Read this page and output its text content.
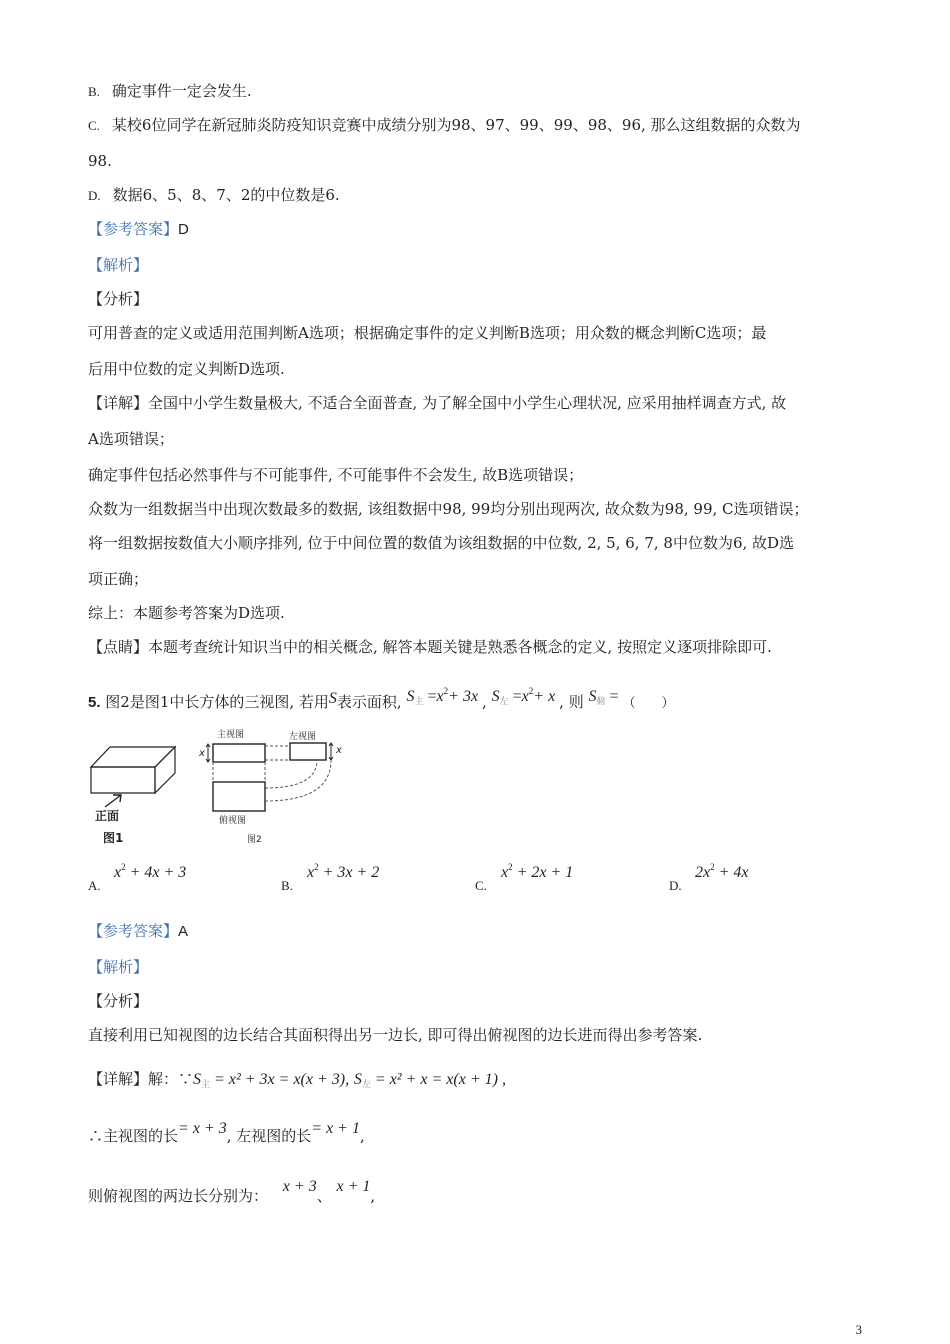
B. 确定事件一定会发生.
C. 某校6位同学在新冠肺炎防疫知识竞赛中成绩分别为98、97、99、99、98、96, 那么这组数据的众数为
98.
D. 数据6、5、8、7、2的中位数是6.
【参考答案】D
【解析】
【分析】
可用普查的定义或适用范围判断A选项；根据确定事件的定义判断B选项；用众数的概念判断C选项；最
后用中位数的定义判断D选项.
【详解】全国中小学生数量极大, 不适合全面普查, 为了解全国中小学生心理状况, 应采用抽样调查方式, 故
A选项错误；
确定事件包括必然事件与不可能事件, 不可能事件不会发生, 故B选项错误；
众数为一组数据当中出现次数最多的数据, 该组数据中98, 99均分别出现两次, 故众数为98, 99, C选项错误；
将一组数据按数值大小顺序排列, 位于中间位置的数值为该组数据的中位数, 2, 5, 6, 7, 8中位数为6, 故D选
项正确；
综上：本题参考答案为D选项.
【点睛】本题考查统计知识当中的相关概念, 解答本题关键是熟悉各概念的定义, 按照定义逐项排除即可.
5. 图2是图1中长方体的三视图, 若用S表示面积, $S_主 =x^2+ 3x$ , $S_左 =x^2+ x$ , 则 $S_俯$ = （　　）
正面
图1
主视图	左视图
俯视图
图2
x	x
A.
$x^2 + 4x + 3$
B.
$x^2 + 3x + 2$
C.
$x^2 + 2x + 1$
D.
$2x^2 + 4x$
【参考答案】A
【解析】
【分析】
直接利用已知视图的边长结合其面积得出另一边长, 即可得出俯视图的边长进而得出参考答案.
【详解】解：$\because S_主 = x^2 + 3x = x(x + 3)$, $S_左 = x^2 + x = x(x + 1)$ ,
∴主视图的长= x + 3, 左视图的长= x + 1,
则俯视图的两边长分别为： x + 3、 x + 1,
3
